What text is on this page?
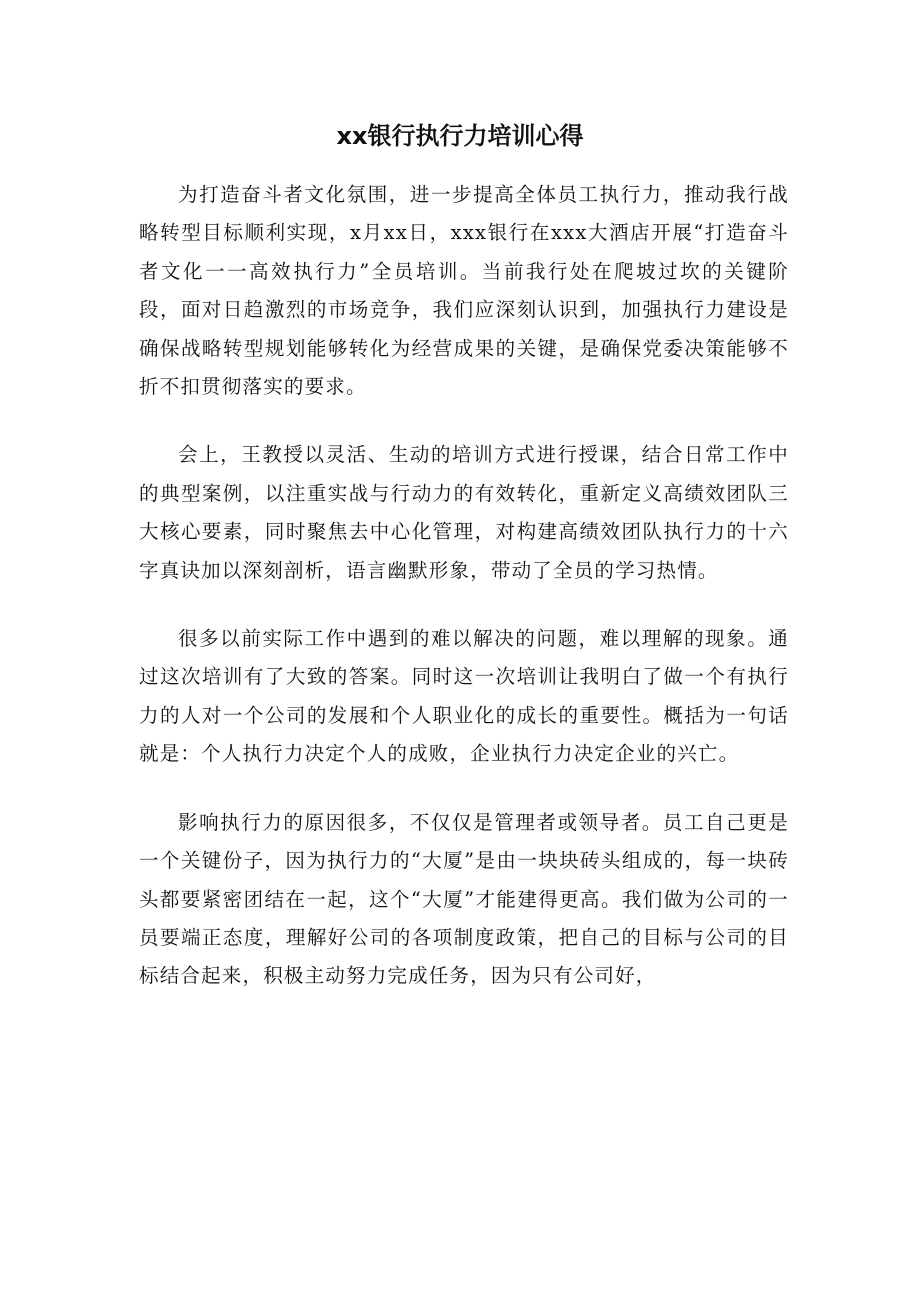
xx银行执行力培训心得

为打造奋斗者文化氛围，进一步提高全体员工执行力，推动我行战略转型目标顺利实现，x月xx日，xxx银行在xxx大酒店开展“打造奋斗者文化一一高效执行力”全员培训。当前我行处在爬坡过坎的关键阶段，面对日趋激烈的市场竞争，我们应深刻认识到，加强执行力建设是确保战略转型规划能够转化为经营成果的关键，是确保党委决策能够不折不扣贯彻落实的要求。

会上，王教授以灵活、生动的培训方式进行授课，结合日常工作中的典型案例，以注重实战与行动力的有效转化，重新定义高绩效团队三大核心要素，同时聚焦去中心化管理，对构建高绩效团队执行力的十六字真诀加以深刻剖析，语言幽默形象，带动了全员的学习热情。

很多以前实际工作中遇到的难以解决的问题，难以理解的现象。通过这次培训有了大致的答案。同时这一次培训让我明白了做一个有执行力的人对一个公司的发展和个人职业化的成长的重要性。概括为一句话就是：个人执行力决定个人的成败，企业执行力决定企业的兴亡。

影响执行力的原因很多，不仅仅是管理者或领导者。员工自己更是一个关键份子，因为执行力的“大厦”是由一块块砖头组成的，每一块砖头都要紧密团结在一起，这个“大厦”才能建得更高。我们做为公司的一员要端正态度，理解好公司的各项制度政策，把自己的目标与公司的目标结合起来，积极主动努力完成任务，因为只有公司好，
